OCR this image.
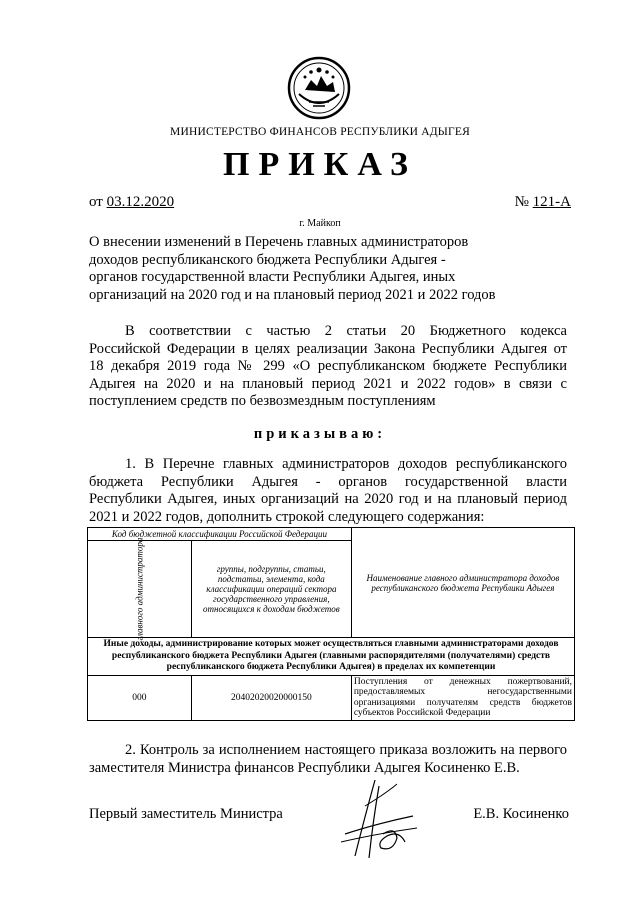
МИНИСТЕРСТВО ФИНАНСОВ РЕСПУБЛИКИ АДЫГЕЯ
ПРИКАЗ
от 03.12.2020	№ 121-А
г. Майкоп
О внесении изменений в Перечень главных администраторов
доходов республиканского бюджета Республики Адыгея -
органов государственной власти Республики Адыгея, иных
организаций на 2020 год и на плановый период 2021 и 2022 годов
В соответствии с частью 2 статьи 20 Бюджетного кодекса
Российской Федерации в целях реализации Закона Республики Адыгея от
18 декабря 2019 года № 299 «О республиканском бюджете Республики
Адыгея на 2020 и на плановый период 2021 и 2022 годов» в связи с
поступлением средств по безвозмездным поступлениям
приказываю:
1. В Перечне главных администраторов доходов республиканского
бюджета Республики Адыгея - органов государственной власти
Республики Адыгея, иных организаций на 2020 год и на плановый период
2021 и 2022 годов, дополнить строкой следующего содержания:
Код бюджетной классификации Российской Федерации		Наименование главного администратора доходов республиканского бюджета Республики Адыгея
главного администратора	группы, подгруппы, статьи, подстатьи, элемента, кода классификации операций сектора государственного управления, относящихся к доходам бюджетов	
Иные доходы, администрирование которых может осуществляться главными администраторами доходов республиканского бюджета Республики Адыгея (главными распорядителями (получателями) средств республиканского бюджета Республики Адыгея) в пределах их компетенции		
000	20402020020000150	Поступления от денежных пожертвований, предоставляемых негосударственными организациями получателям средств бюджетов субъектов Российской Федерации
2. Контроль за исполнением настоящего приказа возложить на первого
заместителя Министра финансов Республики Адыгея Косиненко Е.В.
Первый заместитель Министра	Е.В. Косиненко
